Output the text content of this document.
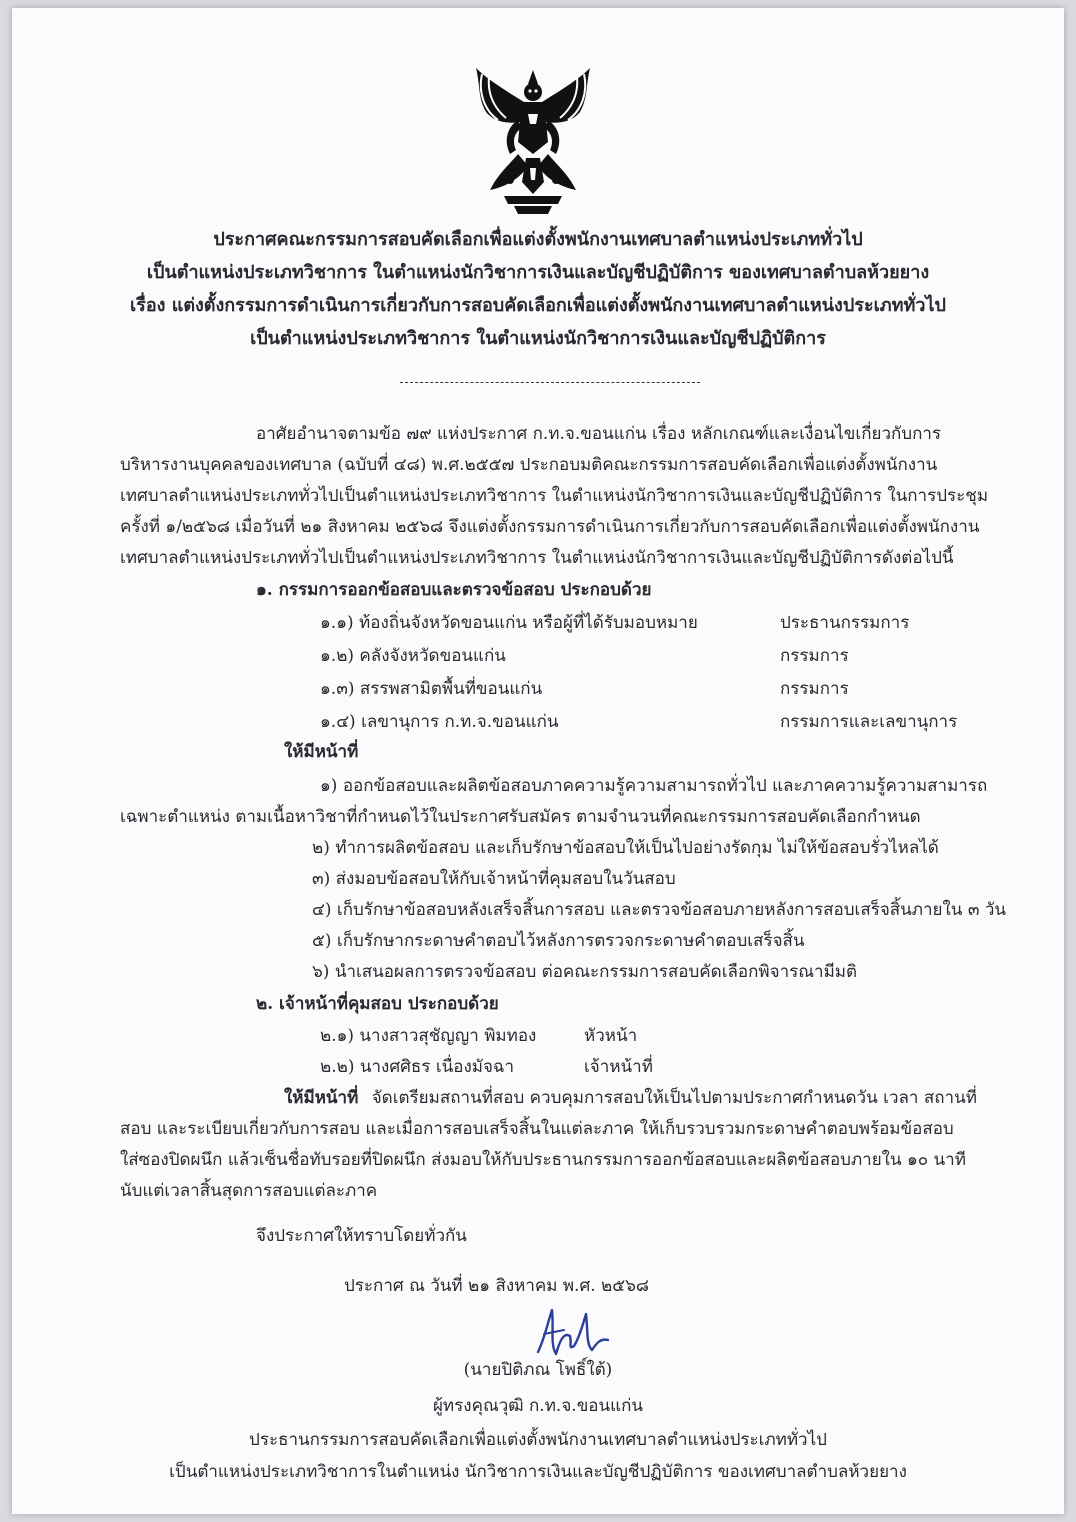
ประกาศคณะกรรมการสอบคัดเลือกเพื่อแต่งตั้งพนักงานเทศบาลตำแหน่งประเภททั่วไป
เป็นตำแหน่งประเภทวิชาการ ในตำแหน่งนักวิชาการเงินและบัญชีปฏิบัติการ ของเทศบาลตำบลห้วยยาง
เรื่อง แต่งตั้งกรรมการดำเนินการเกี่ยวกับการสอบคัดเลือกเพื่อแต่งตั้งพนักงานเทศบาลตำแหน่งประเภททั่วไป
เป็นตำแหน่งประเภทวิชาการ ในตำแหน่งนักวิชาการเงินและบัญชีปฏิบัติการ
อาศัยอำนาจตามข้อ ๗๙ แห่งประกาศ ก.ท.จ.ขอนแก่น เรื่อง หลักเกณฑ์และเงื่อนไขเกี่ยวกับการ
บริหารงานบุคคลของเทศบาล (ฉบับที่ ๔๘) พ.ศ.๒๕๕๗ ประกอบมติคณะกรรมการสอบคัดเลือกเพื่อแต่งตั้งพนักงาน
เทศบาลตำแหน่งประเภททั่วไปเป็นตำแหน่งประเภทวิชาการ ในตำแหน่งนักวิชาการเงินและบัญชีปฏิบัติการ ในการประชุม
ครั้งที่ ๑/๒๕๖๘ เมื่อวันที่ ๒๑ สิงหาคม ๒๕๖๘ จึงแต่งตั้งกรรมการดำเนินการเกี่ยวกับการสอบคัดเลือกเพื่อแต่งตั้งพนักงาน
เทศบาลตำแหน่งประเภททั่วไปเป็นตำแหน่งประเภทวิชาการ ในตำแหน่งนักวิชาการเงินและบัญชีปฏิบัติการดังต่อไปนี้
๑. กรรมการออกข้อสอบและตรวจข้อสอบ ประกอบด้วย
๑.๑) ท้องถิ่นจังหวัดขอนแก่น หรือผู้ที่ได้รับมอบหมาย	ประธานกรรมการ
๑.๒) คลังจังหวัดขอนแก่น	กรรมการ
๑.๓) สรรพสามิตพื้นที่ขอนแก่น	กรรมการ
๑.๔) เลขานุการ ก.ท.จ.ขอนแก่น	กรรมการและเลขานุการ
ให้มีหน้าที่
๑) ออกข้อสอบและผลิตข้อสอบภาคความรู้ความสามารถทั่วไป และภาคความรู้ความสามารถ
เฉพาะตำแหน่ง ตามเนื้อหาวิชาที่กำหนดไว้ในประกาศรับสมัคร ตามจำนวนที่คณะกรรมการสอบคัดเลือกกำหนด
๒) ทำการผลิตข้อสอบ และเก็บรักษาข้อสอบให้เป็นไปอย่างรัดกุม ไม่ให้ข้อสอบรั่วไหลได้
๓) ส่งมอบข้อสอบให้กับเจ้าหน้าที่คุมสอบในวันสอบ
๔) เก็บรักษาข้อสอบหลังเสร็จสิ้นการสอบ และตรวจข้อสอบภายหลังการสอบเสร็จสิ้นภายใน ๓ วัน
๕) เก็บรักษากระดาษคำตอบไว้หลังการตรวจกระดาษคำตอบเสร็จสิ้น
๖) นำเสนอผลการตรวจข้อสอบ ต่อคณะกรรมการสอบคัดเลือกพิจารณามีมติ
๒. เจ้าหน้าที่คุมสอบ ประกอบด้วย
๒.๑) นางสาวสุชัญญา พิมทอง	หัวหน้า
๒.๒) นางศศิธร เนื่องมัจฉา	เจ้าหน้าที่
ให้มีหน้าที่ จัดเตรียมสถานที่สอบ ควบคุมการสอบให้เป็นไปตามประกาศกำหนดวัน เวลา สถานที่
สอบ และระเบียบเกี่ยวกับการสอบ และเมื่อการสอบเสร็จสิ้นในแต่ละภาค ให้เก็บรวบรวมกระดาษคำตอบพร้อมข้อสอบ
ใส่ซองปิดผนึก แล้วเซ็นชื่อทับรอยที่ปิดผนึก ส่งมอบให้กับประธานกรรมการออกข้อสอบและผลิตข้อสอบภายใน ๑๐ นาที
นับแต่เวลาสิ้นสุดการสอบแต่ละภาค
จึงประกาศให้ทราบโดยทั่วกัน
ประกาศ ณ วันที่ ๒๑ สิงหาคม พ.ศ. ๒๕๖๘
(นายปิติภณ โพธิ์ใต้)
ผู้ทรงคุณวุฒิ ก.ท.จ.ขอนแก่น
ประธานกรรมการสอบคัดเลือกเพื่อแต่งตั้งพนักงานเทศบาลตำแหน่งประเภททั่วไป
เป็นตำแหน่งประเภทวิชาการในตำแหน่ง นักวิชาการเงินและบัญชีปฏิบัติการ ของเทศบาลตำบลห้วยยาง
